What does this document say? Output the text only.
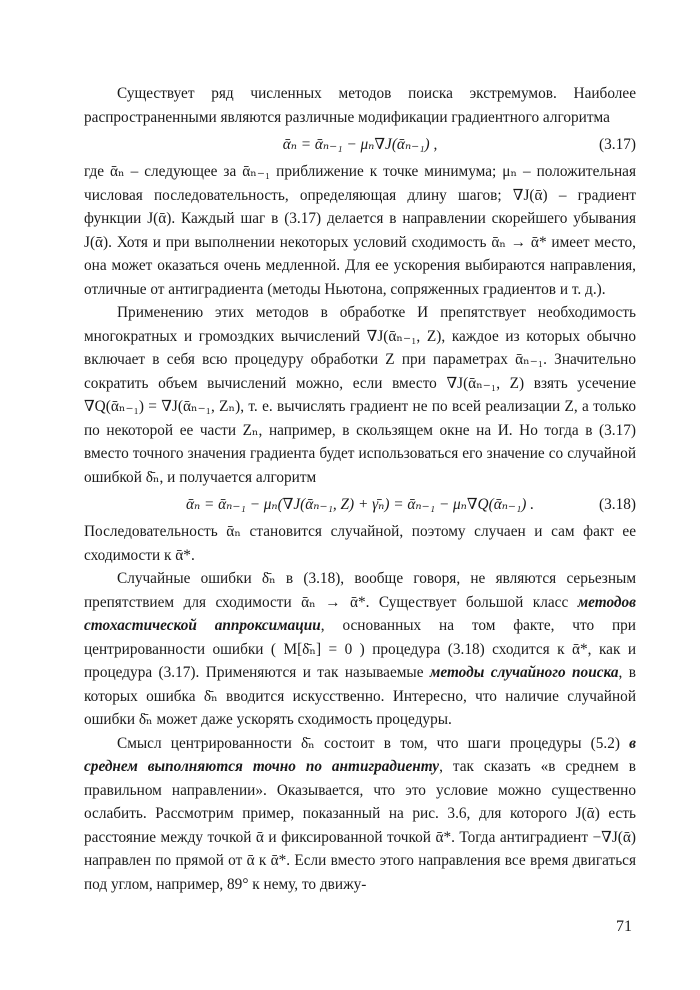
Существует ряд численных методов поиска экстремумов. Наиболее распространенными являются различные модификации градиентного алгоритма

ᾱₙ = ᾱₙ₋₁ − μₙ∇J(ᾱₙ₋₁) ,	(3.17)

где ᾱₙ – следующее за ᾱₙ₋₁ приближение к точке минимума; μₙ – положительная числовая последовательность, определяющая длину шагов; ∇J(ᾱ) – градиент функции J(ᾱ). Каждый шаг в (3.17) делается в направлении скорейшего убывания J(ᾱ). Хотя и при выполнении некоторых условий сходимость ᾱₙ → ᾱ* имеет место, она может оказаться очень медленной. Для ее ускорения выбираются направления, отличные от антиградиента (методы Ньютона, сопряженных градиентов и т. д.).

Применению этих методов в обработке И препятствует необходимость многократных и громоздких вычислений ∇J(ᾱₙ₋₁, Z), каждое из которых обычно включает в себя всю процедуру обработки Z при параметрах ᾱₙ₋₁. Значительно сократить объем вычислений можно, если вместо ∇J(ᾱₙ₋₁, Z) взять усечение ∇Q(ᾱₙ₋₁) = ∇J(ᾱₙ₋₁, Zₙ), т. е. вычислять градиент не по всей реализации Z, а только по некоторой ее части Zₙ, например, в скользящем окне на И. Но тогда в (3.17) вместо точного значения градиента будет использоваться его значение со случайной ошибкой δ̄ₙ, и получается алгоритм

ᾱₙ = ᾱₙ₋₁ − μₙ(∇J(ᾱₙ₋₁, Z) + γ̄ₙ) = ᾱₙ₋₁ − μₙ∇Q(ᾱₙ₋₁) .	(3.18)

Последовательность ᾱₙ становится случайной, поэтому случаен и сам факт ее сходимости к ᾱ*.

Случайные ошибки δ̄ₙ в (3.18), вообще говоря, не являются серьезным препятствием для сходимости ᾱₙ → ᾱ*. Существует большой класс методов стохастической аппроксимации, основанных на том факте, что при центрированности ошибки ( M[δ̄ₙ] = 0 ) процедура (3.18) сходится к ᾱ*, как и процедура (3.17). Применяются и так называемые методы случайного поиска, в которых ошибка δ̄ₙ вводится искусственно. Интересно, что наличие случайной ошибки δ̄ₙ может даже ускорять сходимость процедуры.

Смысл центрированности δ̄ₙ состоит в том, что шаги процедуры (5.2) в среднем выполняются точно по антиградиенту, так сказать «в среднем в правильном направлении». Оказывается, что это условие можно существенно ослабить. Рассмотрим пример, показанный на рис. 3.6, для которого J(ᾱ) есть расстояние между точкой ᾱ и фиксированной точкой ᾱ*. Тогда антиградиент −∇J(ᾱ) направлен по прямой от ᾱ к ᾱ*. Если вместо этого направления все время двигаться под углом, например, 89° к нему, то движу-

71
